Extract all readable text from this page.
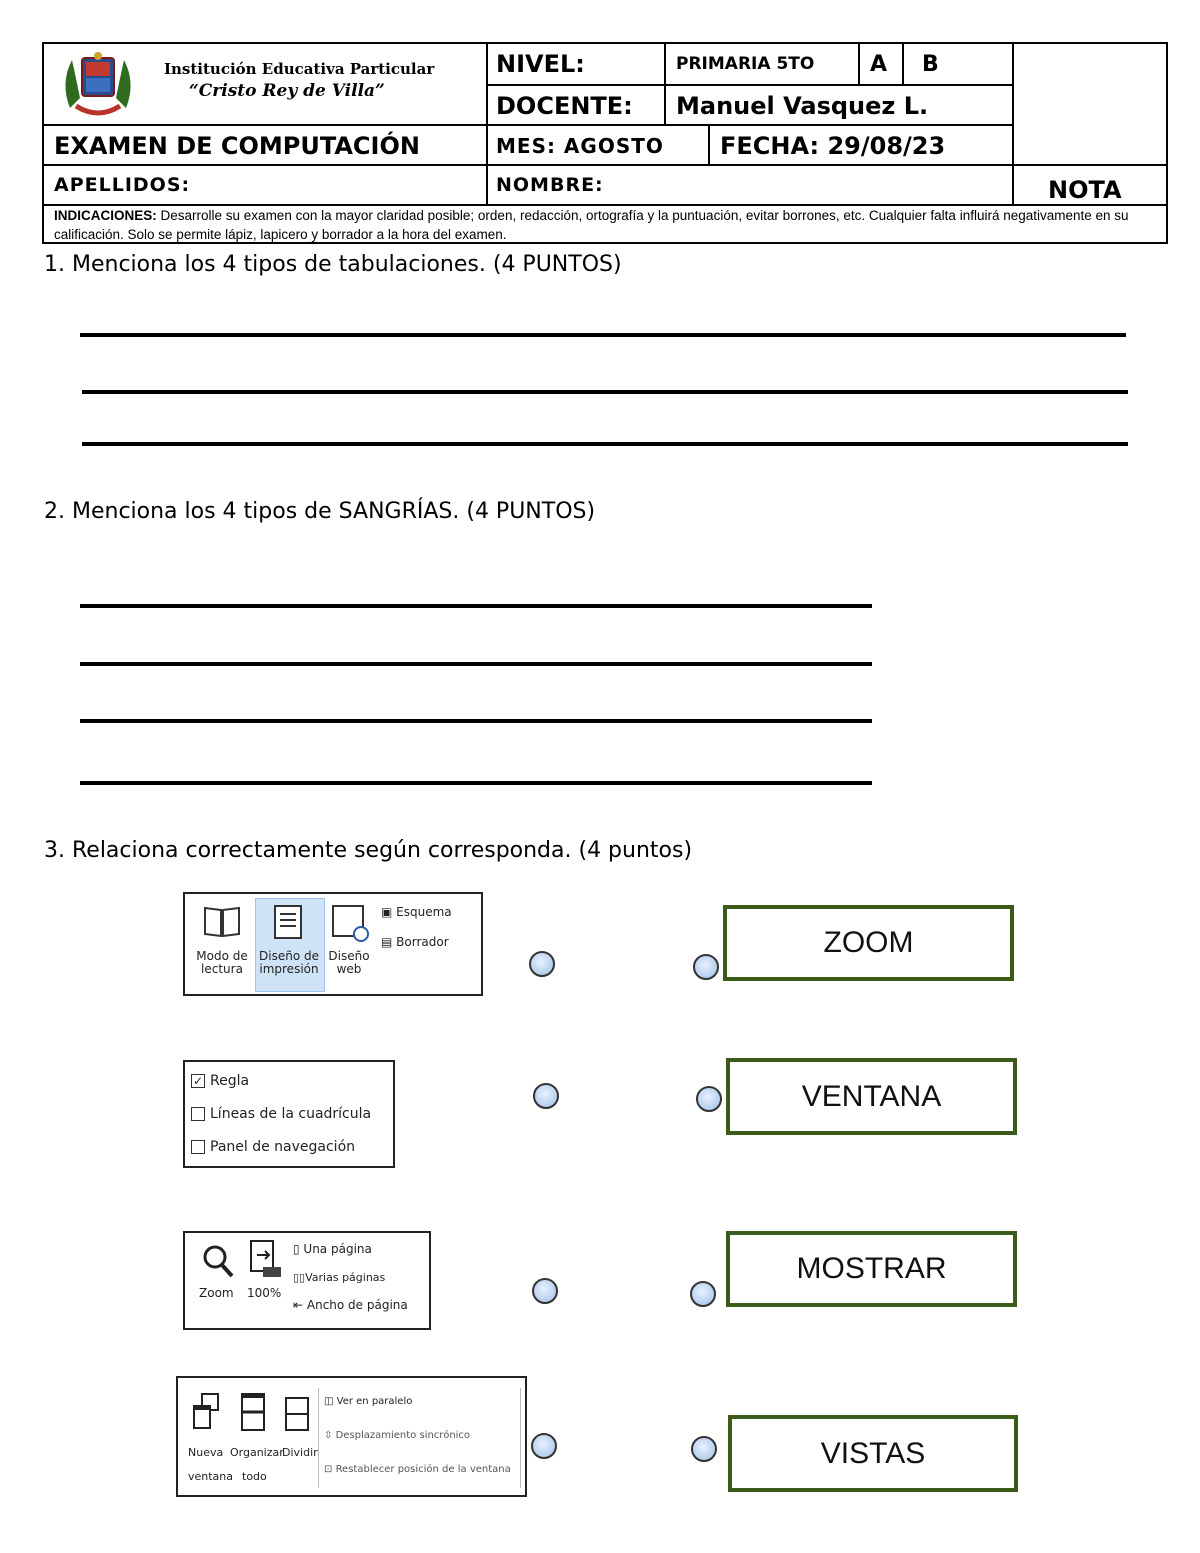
Institución Educativa Particular
“Cristo Rey de Villa”
NIVEL:	PRIMARIA 5TO	A B
DOCENTE: Manuel Vasquez L.
EXAMEN DE COMPUTACIÓN	MES: AGOSTO FECHA: 29/08/23
APELLIDOS:	NOMBRE:	NOTA
INDICACIONES: Desarrolle su examen con la mayor claridad posible; orden, redacción, ortografía y la puntuación, evitar borrones, etc. Cualquier falta influirá negativamente en su calificación. Solo se permite lápiz, lapicero y borrador a la hora del examen.
1. Menciona los 4 tipos de tabulaciones. (4 PUNTOS)
2. Menciona los 4 tipos de SANGRÍAS. (4 PUNTOS)
3. Relaciona correctamente según corresponda. (4 puntos)
Modo de lectura
Diseño de impresión
Diseño web
▣ Esquema
▤ Borrador
✓ Regla
Líneas de la cuadrícula
Panel de navegación
Zoom 100%
▯ Una página
▯▯Varias páginas
⇤ Ancho de página
Nueva
ventana
Organizar
todo
Dividir
◫ Ver en paralelo
⇳ Desplazamiento sincrónico
⊡ Restablecer posición de la ventana
ZOOM
VENTANA
MOSTRAR
VISTAS
